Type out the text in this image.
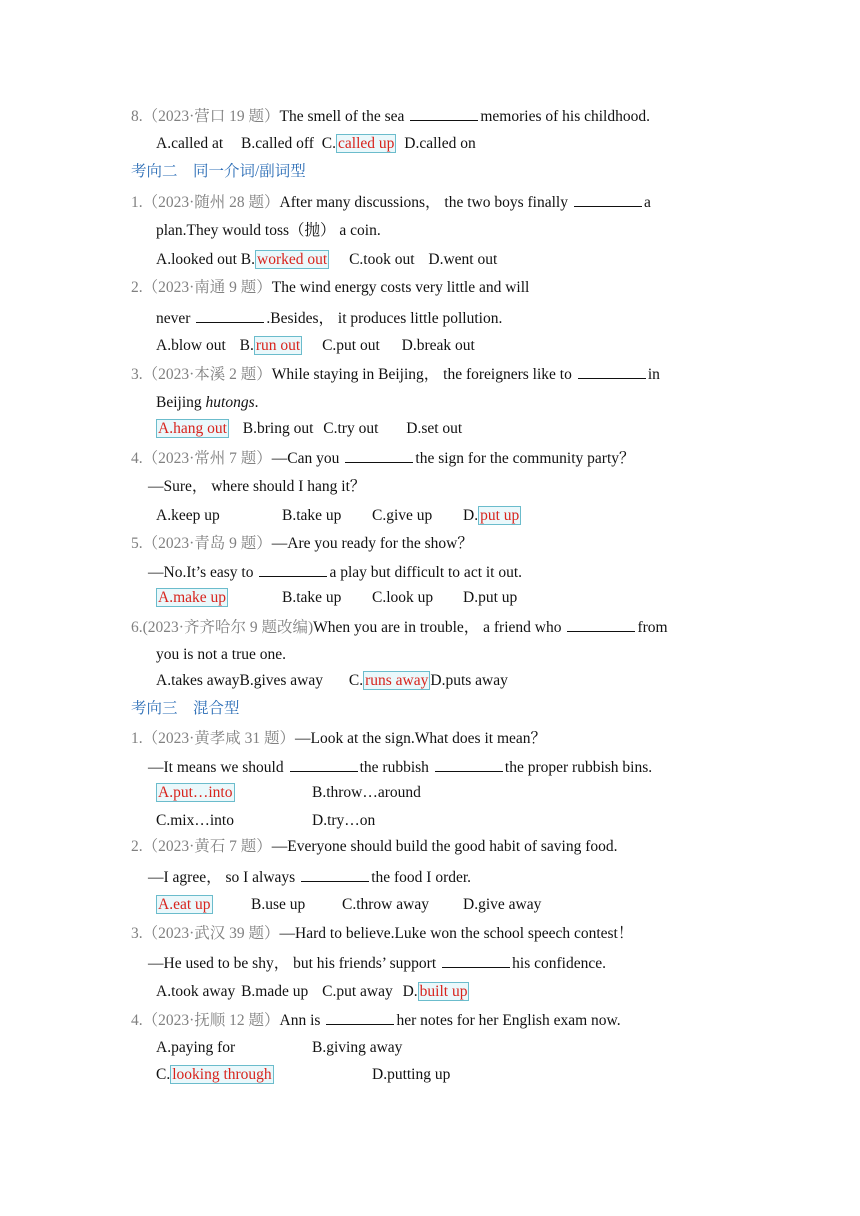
8.（2023·营口 19 题）The smell of the sea	memories of his childhood.
A.called at B.called off C. called up D.called on
考向二　同一介词/副词型
1.（2023·随州 28 题）After many discussions， the two boys finally	a
plan.They would toss（抛） a coin.
A.looked out B. worked out C.took out D.went out
2.（2023·南通 9 题）The wind energy costs very little and will
never	.Besides， it produces little pollution.
A.blow out B. run out C.put out D.break out
3.（2023·本溪 2 题）While staying in Beijing， the foreigners like to	in
Beijing hutongs.
A.hang out B.bring out C.try out D.set out
4.（2023·常州 7 题）—Can you	the sign for the community party？
—Sure， where should I hang it？
A.keep up	B.take up C.give up D. put up
5.（2023·青岛 9 题）—Are you ready for the show？
—No.It’s easy to	a play but difficult to act it out.
A.make up	B.take up C.look up D.put up
6.(2023·齐齐哈尔 9 题改编)When you are in trouble， a friend who	from
you is not a true one.
A.takes awayB.gives away C. runs away D.puts away
考向三　混合型
1.（2023·黄孝咸 31 题）—Look at the sign.What does it mean？
—It means we should	the rubbish	the proper rubbish bins.
A.put…into	B.throw…around
C.mix…into	D.try…on
2.（2023·黄石 7 题）—Everyone should build the good habit of saving food.
—I agree， so I always	the food I order.
A.eat up	B.use up C.throw away D.give away
3.（2023·武汉 39 题）—Hard to believe.Luke won the school speech contest！
—He used to be shy， but his friends’ support	his confidence.
A.took away B.made up C.put away D. built up
4.（2023·抚顺 12 题）Ann is	her notes for her English exam now.
A.paying for	B.giving away
C. looking through	D.putting up
